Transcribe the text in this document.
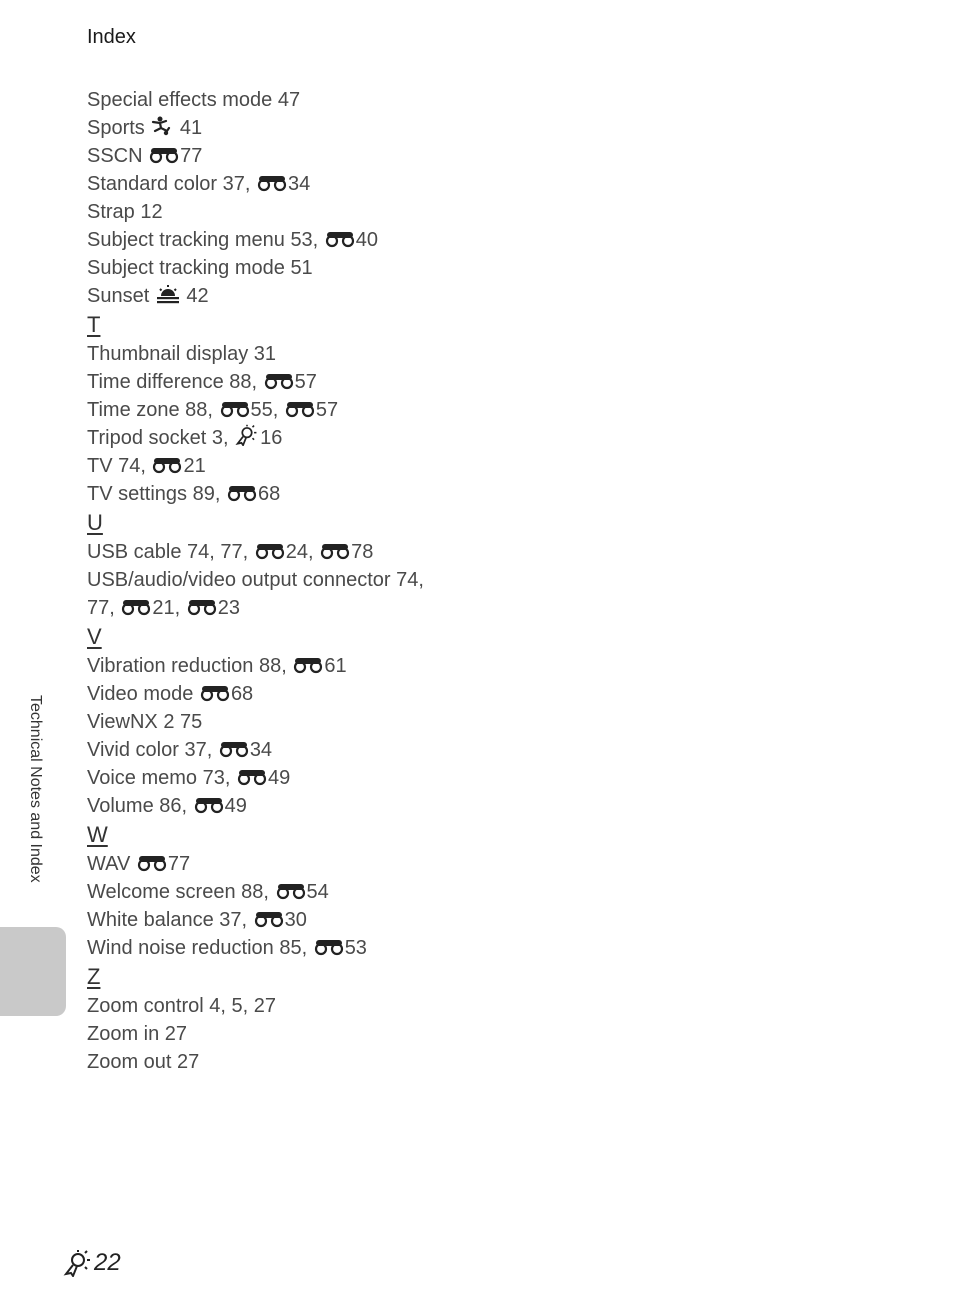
Index
Special effects mode 47
Sports
41
SSCN
77
Standard color 37,
34
Strap 12
Subject tracking menu 53,
40
Subject tracking mode 51
Sunset
42
T
Thumbnail display 31
Time difference 88,
57
Time zone 88,
55,
57
Tripod socket 3,
16
TV 74,
21
TV settings 89,
68
U
USB cable 74, 77,
24,
78
USB/audio/video output connector 74,
77,
21,
23
V
Vibration reduction 88,
61
Video mode
68
ViewNX 2 75
Vivid color 37,
34
Voice memo 73,
49
Volume 86,
49
W
WAV
77
Welcome screen 88,
54
White balance 37,
30
Wind noise reduction 85,
53
Z
Zoom control 4, 5, 27
Zoom in 27
Zoom out 27
Technical Notes and Index
22
